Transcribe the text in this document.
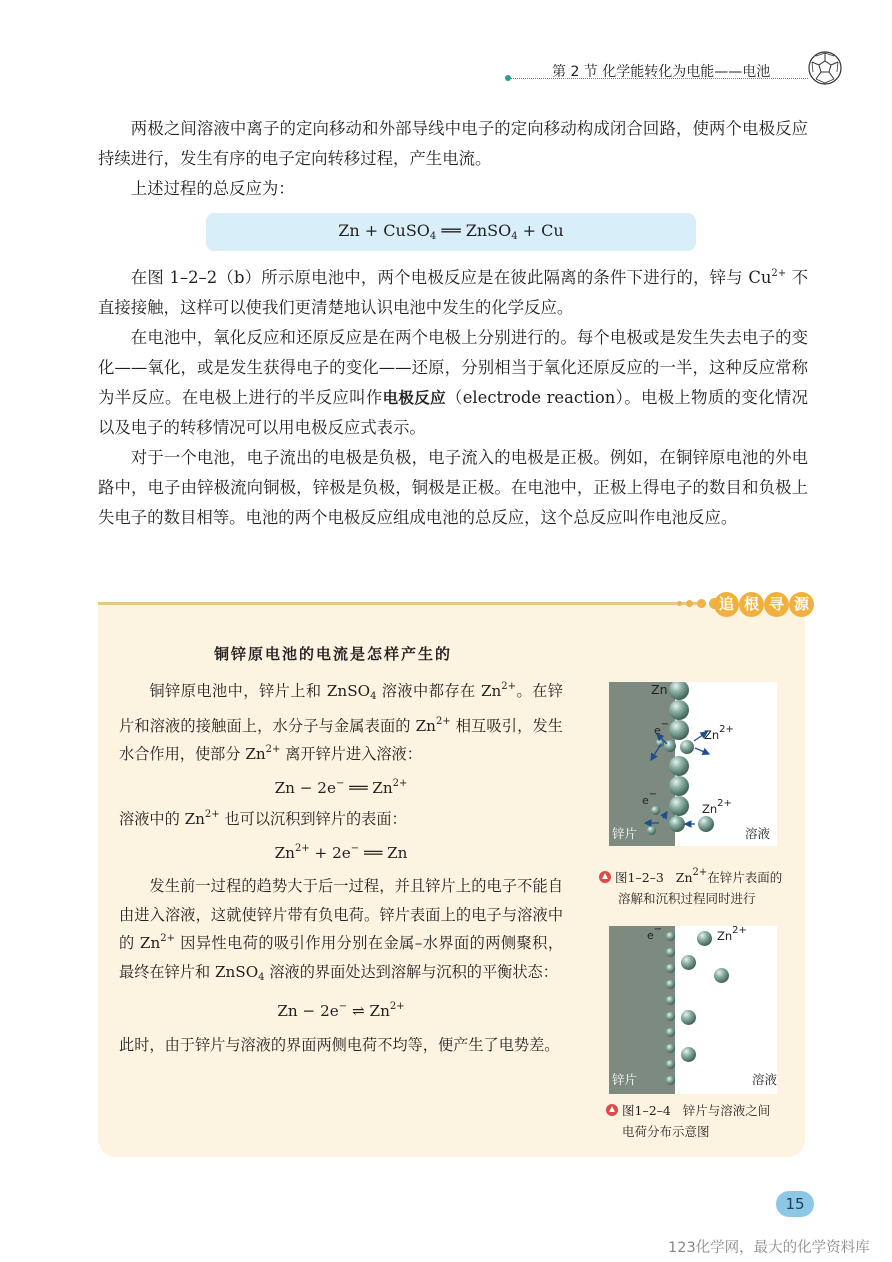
第 2 节 化学能转化为电能——电池

两极之间溶液中离子的定向移动和外部导线中电子的定向移动构成闭合回路，使两个电极反应持续进行，发生有序的电子定向转移过程，产生电流。

上述过程的总反应为：

Zn + CuSO$_4$ ══ ZnSO$_4$ + Cu

在图 1–2–2（b）所示原电池中，两个电极反应是在彼此隔离的条件下进行的，锌与 $Cu^{2+}$ 不直接接触，这样可以使我们更清楚地认识电池中发生的化学反应。

在电池中，氧化反应和还原反应是在两个电极上分别进行的。每个电极或是发生失去电子的变化——氧化，或是发生获得电子的变化——还原，分别相当于氧化还原反应的一半，这种反应常称为半反应。在电极上进行的半反应叫作电极反应（electrode reaction）。电极上物质的变化情况以及电子的转移情况可以用电极反应式表示。

对于一个电池，电子流出的电极是负极，电子流入的电极是正极。例如，在铜锌原电池的外电路中，电子由锌极流向铜极，锌极是负极，铜极是正极。在电池中，正极上得电子的数目和负极上失电子的数目相等。电池的两个电极反应组成电池的总反应，这个总反应叫作电池反应。

追 根 寻 源
铜锌原电池的电流是怎样产生的

铜锌原电池中，锌片上和 ZnSO$_4$ 溶液中都存在 $Zn^{2+}$。在锌片和溶液的接触面上，水分子与金属表面的 $Zn^{2+}$ 相互吸引，发生水合作用，使部分 $Zn^{2+}$ 离开锌片进入溶液：

Zn − 2e− ══ $Zn^{2+}$

溶液中的 $Zn^{2+}$ 也可以沉积到锌片的表面：

$Zn^{2+} + 2e^-$ ══ Zn

发生前一过程的趋势大于后一过程，并且锌片上的电子不能自由进入溶液，这就使锌片带有负电荷。锌片表面上的电子与溶液中的 $Zn^{2+}$ 因异性电荷的吸引作用分别在金属–水界面的两侧聚积，最终在锌片和 ZnSO$_4$ 溶液的界面处达到溶解与沉积的平衡状态：

Zn − 2e− ⇌ $Zn^{2+}$

此时，由于锌片与溶液的界面两侧电荷不均等，便产生了电势差。

Zn
e−
$Zn^{2+}$
e−
$Zn^{2+}$
锌片	溶液
图1–2–3 $Zn^{2+}$在锌片表面的
溶解和沉积过程同时进行
e−	$Zn^{2+}$
锌片	溶液
图1–2–4 锌片与溶液之间
电荷分布示意图
15
123化学网，最大的化学资料库
